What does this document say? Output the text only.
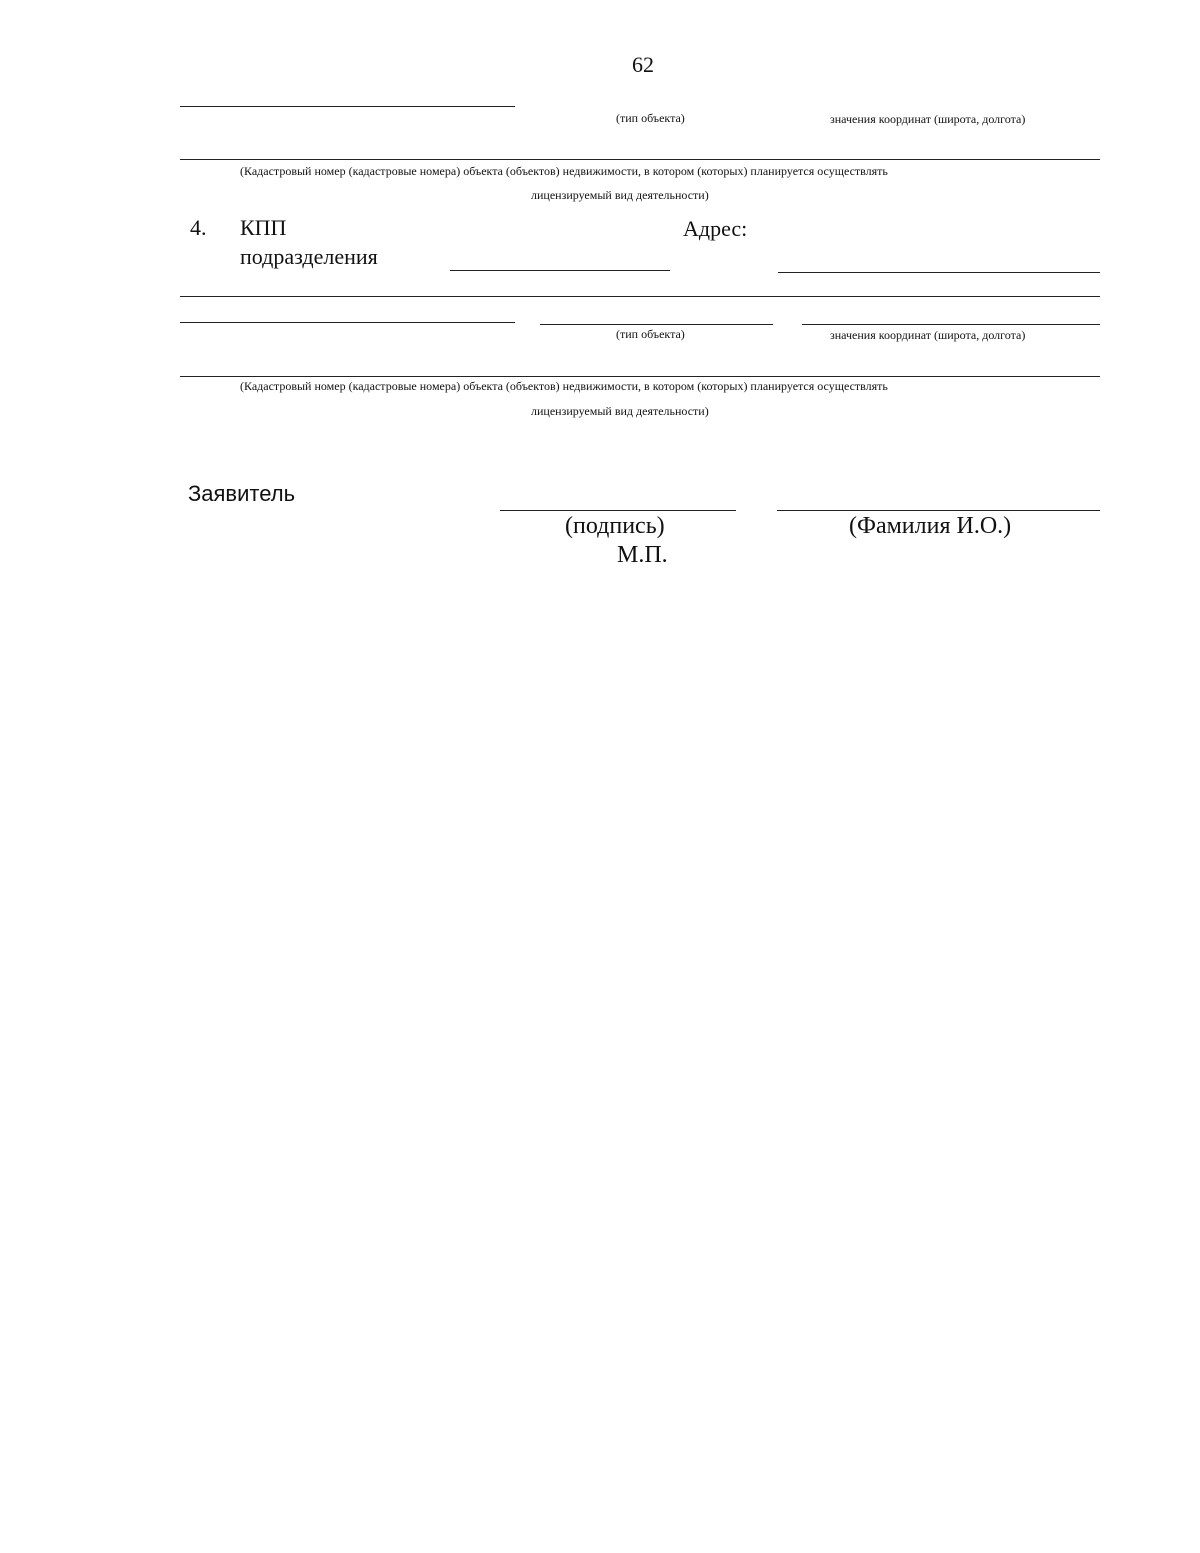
62
(тип объекта)	значения координат (широта, долгота)
(Кадастровый номер (кадастровые номера) объекта (объектов) недвижимости, в котором (которых) планируется осуществлять
лицензируемый вид деятельности)
4. КПП
подразделения
Адрес:
(тип объекта)	значения координат (широта, долгота)
(Кадастровый номер (кадастровые номера) объекта (объектов) недвижимости, в котором (которых) планируется осуществлять
лицензируемый вид деятельности)
Заявитель
(подпись)	(Фамилия И.О.)
М.П.
